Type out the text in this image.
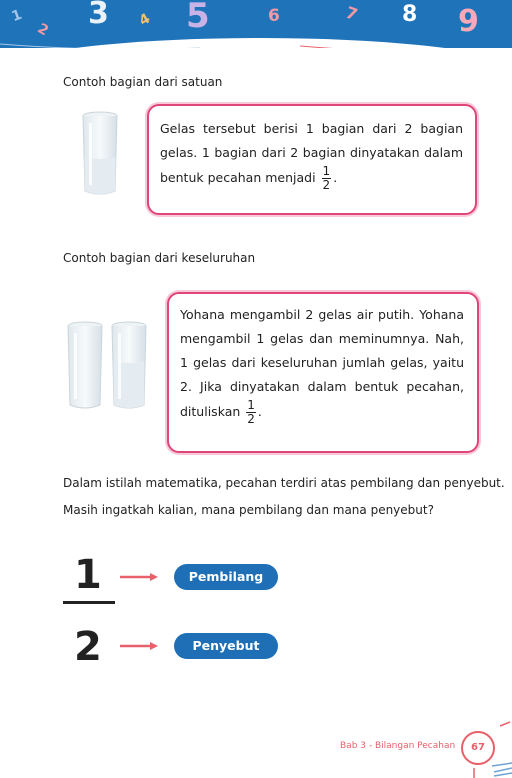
1
2 3 4 5	6	7 8 9
Contoh bagian dari satuan

Gelas tersebut berisi 1 bagian dari 2 bagian gelas. 1 bagian dari 2 bagian dinyatakan dalam bentuk pecahan menjadi $\frac{1}{2}$ .

Contoh bagian dari keseluruhan

Yohana mengambil 2 gelas air putih. Yohana mengambil 1 gelas dan meminumnya. Nah, 1 gelas dari keseluruhan jumlah gelas, yaitu 2. Jika dinyatakan dalam bentuk pecahan, dituliskan $\frac{1}{2}$ .

Dalam istilah matematika, pecahan terdiri atas pembilang dan penyebut.
Masih ingatkah kalian, mana pembilang dan mana penyebut?
1
2
Pembilang
Penyebut
Bab 3 - Bilangan Pecahan	67
